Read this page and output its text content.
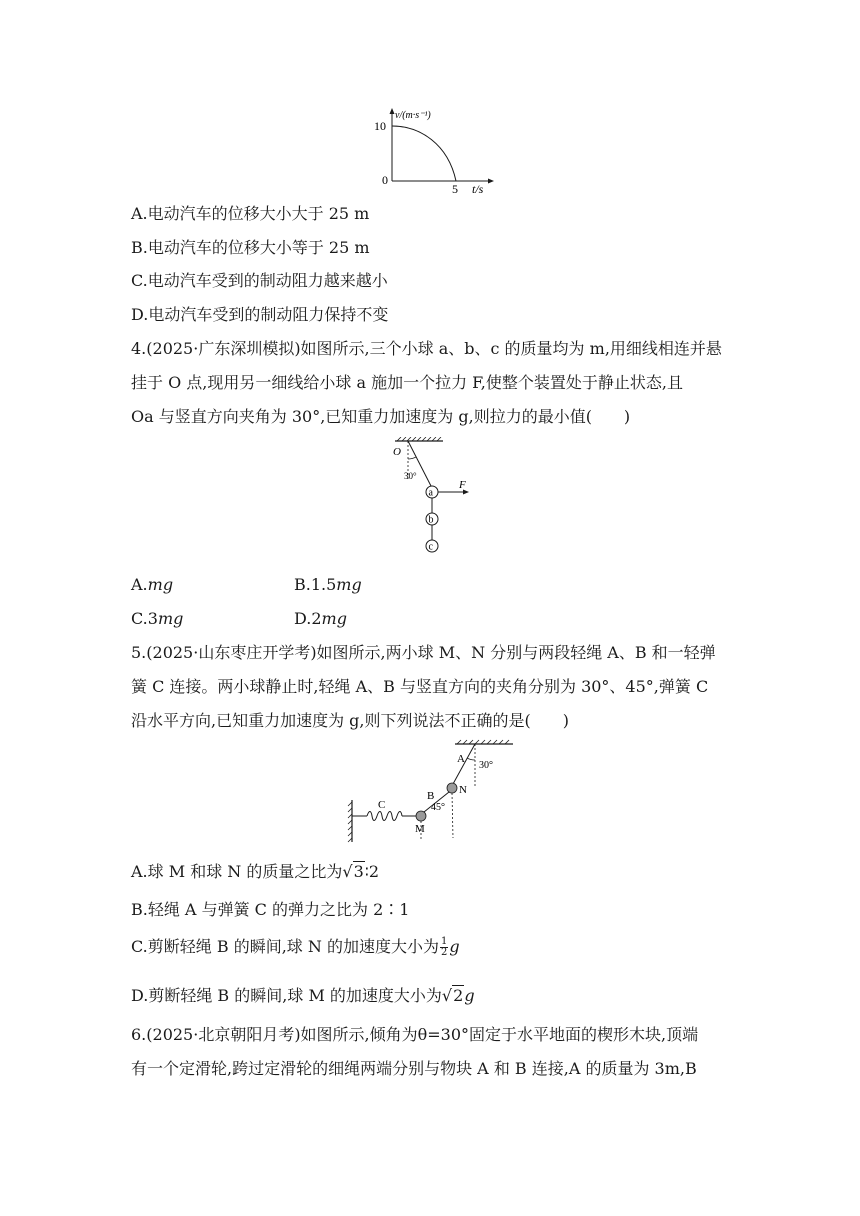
v/(m·s⁻¹)
10
0
5 t/s
A.电动汽车的位移大小大于 25 m
B.电动汽车的位移大小等于 25 m
C.电动汽车受到的制动阻力越来越小
D.电动汽车受到的制动阻力保持不变
4.(2025·广东深圳模拟)如图所示,三个小球 a、b、c 的质量均为 m,用细线相连并悬
挂于 O 点,现用另一细线给小球 a 施加一个拉力 F,使整个装置处于静止状态,且
Oa 与竖直方向夹角为 30°,已知重力加速度为 g,则拉力的最小值(　　)
O
30°
a
b
c
F
A.mg	B.1.5mg
C.3mg	D.2mg
5.(2025·山东枣庄开学考)如图所示,两小球 M、N 分别与两段轻绳 A、B 和一轻弹
簧 C 连接。两小球静止时,轻绳 A、B 与竖直方向的夹角分别为 30°、45°,弹簧 C
沿水平方向,已知重力加速度为 g,则下列说法不正确的是(　　)
A
30°
N
B
45°
C
M
A.球 M 和球 N 的质量之比为√3∶2
B.轻绳 A 与弹簧 C 的弹力之比为 2∶1
C.剪断轻绳 B 的瞬间,球 N 的加速度大小为 $\frac{1}{2}$ g
D.剪断轻绳 B 的瞬间,球 M 的加速度大小为√2g
6.(2025·北京朝阳月考)如图所示,倾角为θ=30°固定于水平地面的楔形木块,顶端
有一个定滑轮,跨过定滑轮的细绳两端分别与物块 A 和 B 连接,A 的质量为 3m,B
